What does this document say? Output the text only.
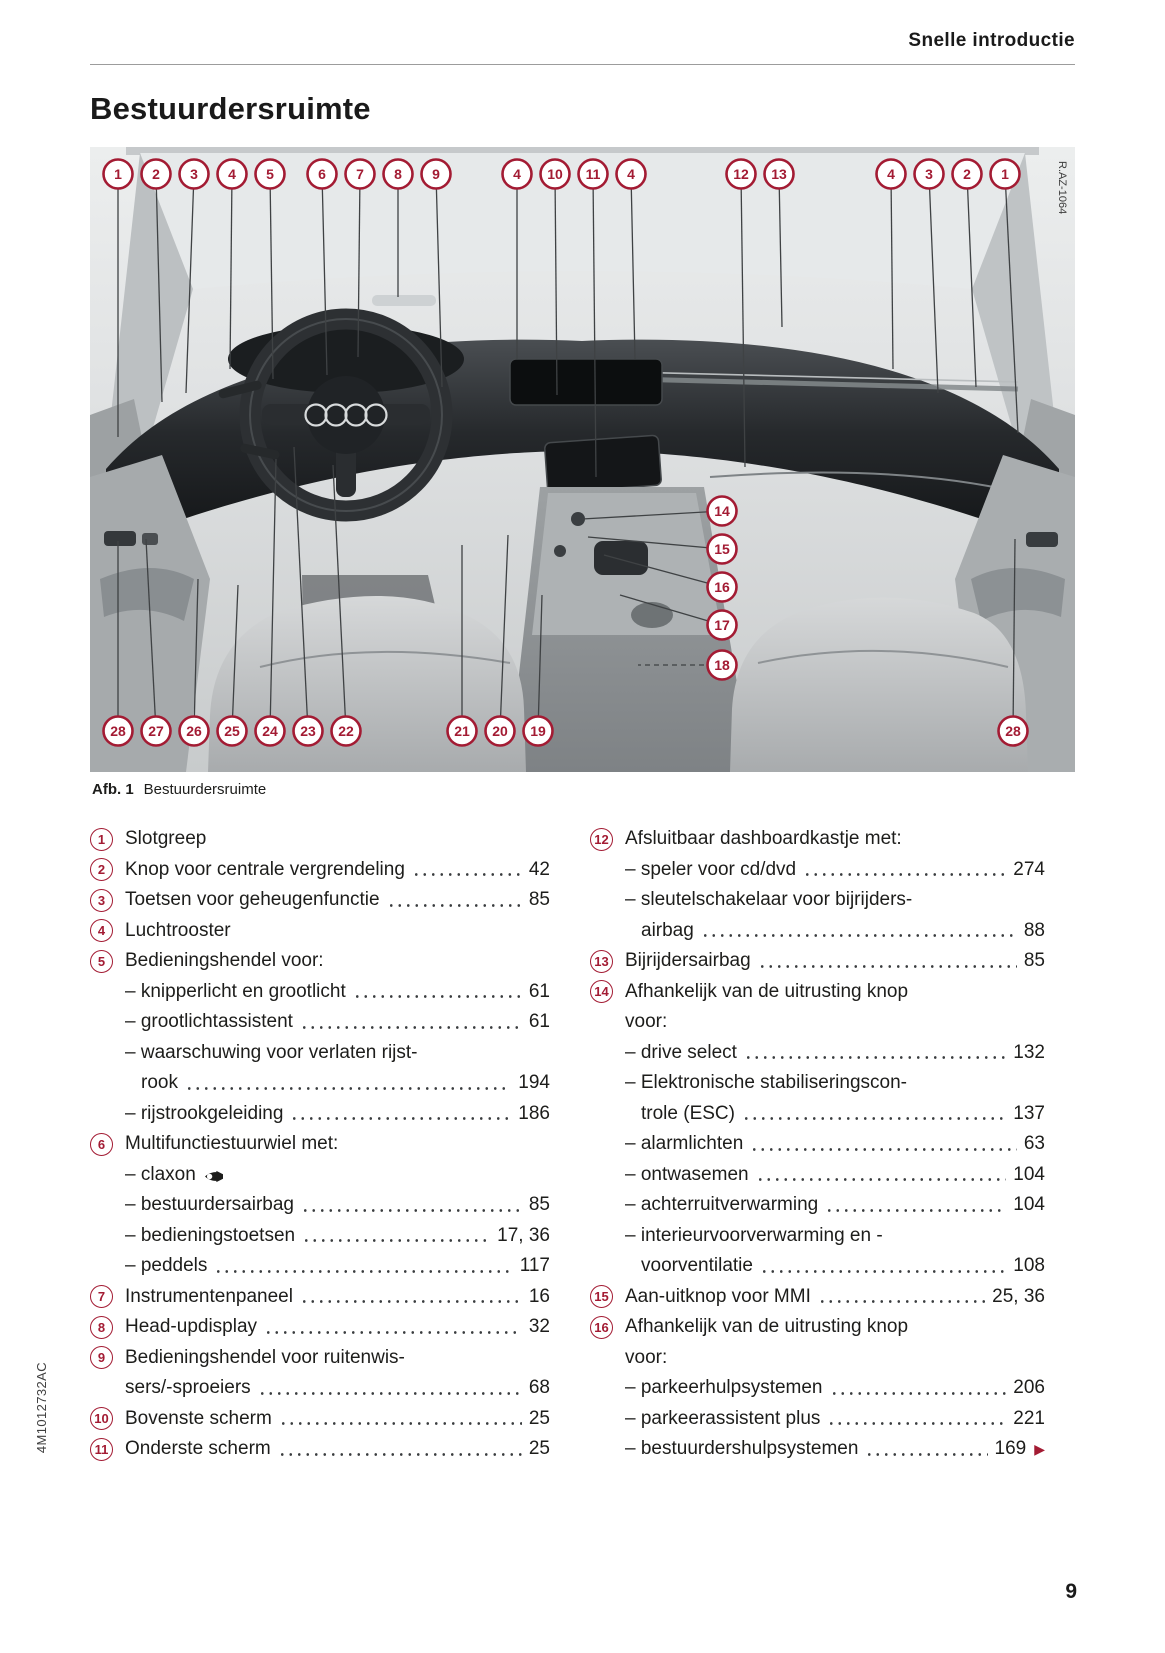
Snelle introductie
Bestuurdersruimte
R.AZ-1064
1 2 3 4 5	6 7 8 9	4 10 11 4	12 13	4 3 2 1
14
15
16
17
18
28 27 26 25 24 23 22	21 20 19	28
Afb. 1 Bestuurdersruimte
1	Slotgreep
2	Knop voor centrale vergrendeling	42
3	Toetsen voor geheugenfunctie	85
4	Luchtrooster
5	Bedieningshendel voor:
– knipperlicht en grootlicht	61
– grootlichtassistent	61
– waarschuwing voor verlaten rijst-
rook	194
– rijstrookgeleiding	186
6	Multifunctiestuurwiel met:
– claxon
– bestuurdersairbag	85
– bedieningstoetsen	17, 36
– peddels	117
7	Instrumentenpaneel	16
8	Head-updisplay	32
9	Bedieningshendel voor ruitenwis-
sers/-sproeiers	68
10 Bovenste scherm	25
11 Onderste scherm	25
12 Afsluitbaar dashboardkastje met:
– speler voor cd/dvd	274
– sleutelschakelaar voor bijrijders-
airbag	88
13 Bijrijdersairbag	85
14 Afhankelijk van de uitrusting knop
voor:
– drive select	132
– Elektronische stabiliseringscon-
trole (ESC)	137
– alarmlichten	63
– ontwasemen	104
– achterruitverwarming	104
– interieurvoorverwarming en -
voorventilatie	108
15 Aan-uitknop voor MMI	25, 36
16 Afhankelijk van de uitrusting knop
voor:
– parkeerhulpsystemen	206
– parkeerassistent plus	221
– bestuurdershulpsystemen	169 ▶
4M1012732AC
9
